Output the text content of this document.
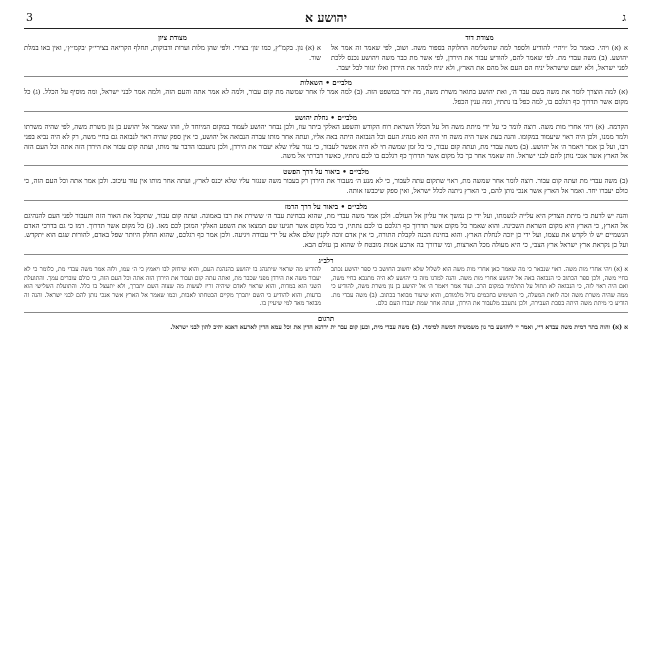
3	יהושע א	ג
מצודת דוד

א (א) ויהי. כאמר כל ״ויהי״ להודיע ולספר למה שהשלימה החלוקה בספור משה. ושוב, לפי שאמר זה אמר אל יהושע. (ב) משה עבדי מת. לפי שאמר להם, להודיע עבור את הירדן, לפי אשר מת כבר משה ויהושע נכנס ללכת לפני ישראל, ולא יועם שישראל יניח הם העם אל מהם את הארץ, ולא יניח למהר את הירדן ואלו יגזור לבל יעבר.

מצודת ציון

א (א) נון. בקמ"ץ, כמו ׳נון׳ בצירי. ולפי שהן מלות וערות ודבוקות, תחלף הקריאה בצירי״ק ׳בקמ״ץ׳, ואין באו במלת שור.

מלבי״ם • השאלות

(א) למה הוצרך לומר את משה בשם עבד ה׳, ואת יהושע בתואר משרת משה, מה יתר במשפט הזה. (ב) למה אמר לו אחר שמשה מת קום עבור, ולמה לא אמר אתה והעם הזה, ולמה אמר לבני ישראל, ומה מוסיף על הכלל. (ג) כל מקום אשר תדרוך כף רגלכם בו, למה כפל בו נתתיו, ומה ענין הכפל.

מלבי״ם • נחלת יהושע

הקדמה. (א) ויהי אחרי מות משה. רוצה לומר כי על ידי מיתת משה חל על הכלל השראת רוח הקודש והשפע האלקי ביתר עוז, ולכן נבחר יהושע לעמוד במקום המיוחד לו, וזהו שאמר אל יהושע בן נון משרת משה, לפי שהיה משרתו ולמד ממנו, ולכן היה ראוי שיעמוד במקומו. והנה בעת אשר היה משה חי היה הוא מנהיג העם וכל הנבואה היתה באה אליו, ועתה אחר מותו עברה הנבואה אל יהושע, כי אין ספק שהיה ראוי לנבואה גם בחיי משה, רק לא היה נביא בפני רבו, ועל כן אמר ויאמר ה׳ אל יהושע. (ב) משה עבדי מת, ועתה קום עבור, כי כל זמן שמשה חי לא היה אפשר לעבור, כי נגזר עליו שלא יעבור את הירדן, ולכן נתעכבו הדבר עד מותו, ועתה קום עבור את הירדן הזה אתה וכל העם הזה אל הארץ אשר אנכי נותן להם לבני ישראל. וזה שאמר אחר כך כל מקום אשר תדרוך כף רגלכם בו לכם נתתיו, כאשר דברתי אל משה.

מלבי״ם • ביאור על דרך הפשט

(ב) משה עבדי מת ועתה קום עבור. רוצה לומר אחר שמשה מת, ראוי שתקום עתה לעבור, כי לא מנע ה׳ מעבור את הירדן רק בעבור משה שנגזר עליו שלא יכנס לארץ, ועתה אחר מותו אין עוד עיכוב. ולכן אמר אתה וכל העם הזה, כי כולם יעברו יחד. ואמר אל הארץ אשר אנכי נותן להם, כי הארץ ניתנה לכלל ישראל, ואין ספק שיכבשו אותה.

מלבי״ם • ביאור על דרך הרמז

והנה יש לדעת כי מיתת הצדיק היא עלייה לנשמתו, ועל ידי כן נמשך אור עליון אל העולם. ולכן אמר משה עבדי מת, שהוא בבחינת עבד ה׳ ששירת את רבו באמונה. ועתה קום עבור, שתקבל את האור הזה ותעבור לפני העם להנהיגם אל הארץ, כי הארץ היא מקום השראת השכינה. והוא שאמר כל מקום אשר תדרוך כף רגלכם בו לכם נתתיו, כי בכל מקום אשר תגיעו שם תמצאו את השפע האלקי המוכן לכם מאז. (ג) כל מקום אשר תדרוך. רמז כי גם בדרכי האדם הגשמיים יש לו לקדש את עצמו, ועל ידי כן יזכה לנחלת הארץ. והוא בחינת הכנה לקבלת התורה, כי אין אדם זוכה לקנין שלם אלא על ידי עבודה ויגיעה. ולכן אמר כף רגלכם, שהוא החלק היותר שפל באדם, להורות שגם הוא יתקדש. ועל כן נקראת ארץ ישראל ארץ הצבי, כי היא מעולה מכל הארצות, ומי שדורך בה ארבע אמות מובטח לו שהוא בן עולם הבא.

רלב״ג

א (א) ויהי אחרי מות משה. ראוי שנבאר כי מה שאמר כאן אחרי מות משה הוא לשלול שלא יחשוב החושב כי ספר יהושע נכתב בחיי משה, ולכן ספר הכתוב כי הנבואה באה אל יהושע אחרי מות משה. והנה למדנו מזה כי יהושע לא היה מתנבא בחיי משה, ואם היה ראוי לזה, כי הנבואה לא תחול על התלמיד במקום הרב. ועוד אמר ויאמר ה׳ אל יהושע בן נון משרת משה, להודיע כי ממה שהיה משרת משה זכה לזאת המעלה, כי השימוש בחכמים גדול מלמודם, והוא שיעור מבואר בכתוב. (ב) משה עבדי מת. הודיע כי מיתת משה היתה בסבת העבירה, ולכן נתעכב מלעבור את הירדן, ועתה אחר שמת יעברו העם כלם.

להודיע מה שראוי שיתנהג בו יהושע בהנהגת העם, והוא שיחזק לבו ויאמץ כי ה׳ עמו, ולזה אמר משה עבדי מת, כלומר כי לא יעבור משה את הירדן מפני שכבר מת, ואתה עתה קום ועבור את הירדן הזה אתה וכל העם הזה, כי כולם עוברים עמך. והתועלת השני הוא במדות, והוא שראוי לאדם שיהיה זריז לעשות מה שצוה השם יתברך, ולא יתעצל בו כלל. והתועלת השלישי הוא בדעות, והוא להודיע כי השם יתברך מקיים הבטחתו לאבות, וכמו שאמר אל הארץ אשר אנכי נותן להם לבני ישראל. והנה זה מבואר מאד למי שיעיין בו.

תרגום

א (א) והוה בתר דמית משה עבדא דיי, ואמר יי ליהושע בר נון משמשיה דמשה למימר. (ב) משה עבדי מית, וכען קום עבר ית ירדנא הדין את וכל עמא הדין לארעא דאנא יהיב להון לבני ישראל.
